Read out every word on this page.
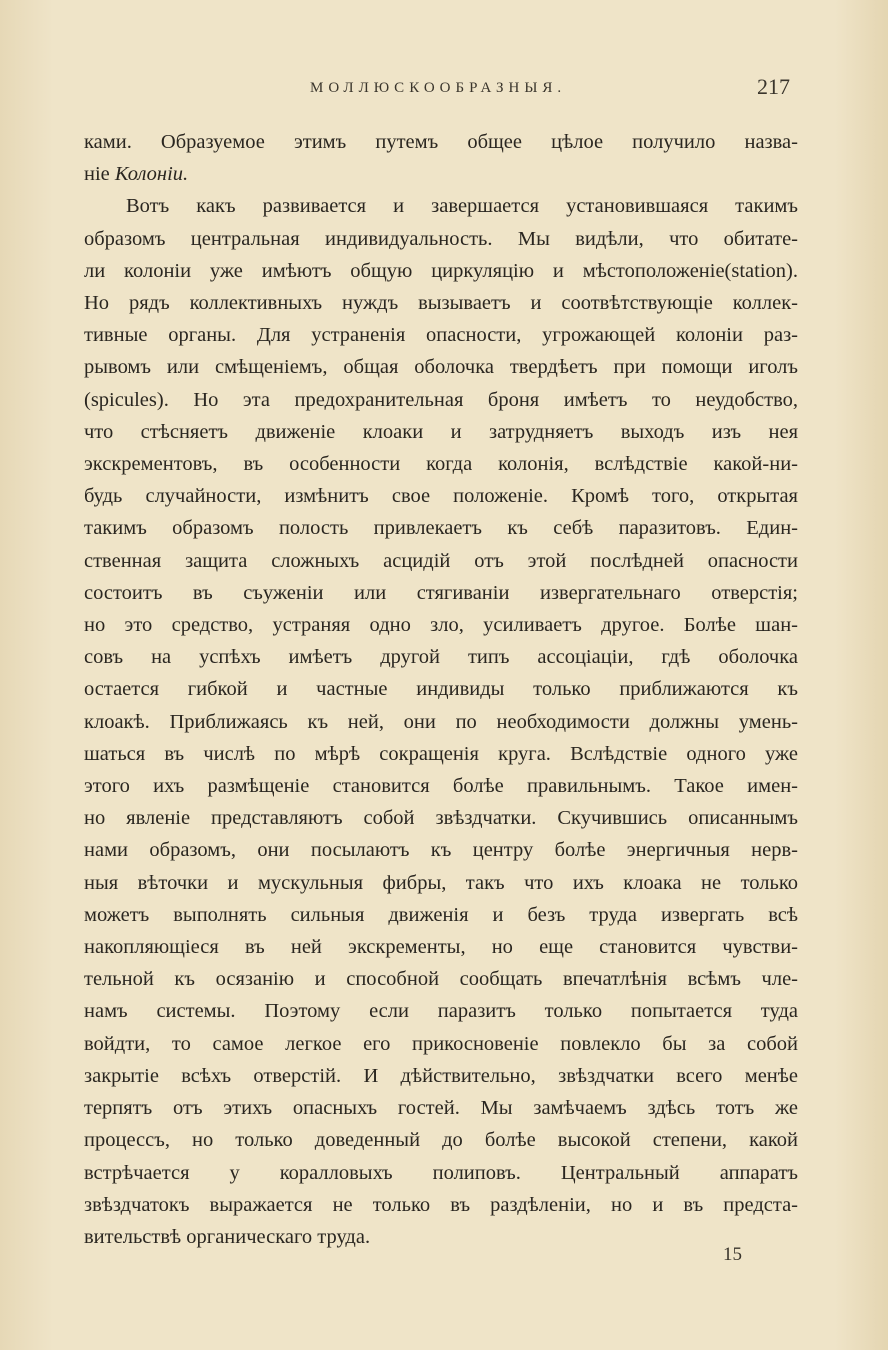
МОЛЛЮСКООБРАЗНЫЯ.	217

ками. Образуемое этимъ путемъ общее цѣлое получило назва-

ніе Колоніи.

Вотъ какъ развивается и завершается установившаяся такимъ

образомъ центральная индивидуальность. Мы видѣли, что обитате-

ли колоніи уже имѣютъ общую циркуляцію и мѣстоположеніе(station).

Но рядъ коллективныхъ нуждъ вызываетъ и соотвѣтствующіе коллек-

тивные органы. Для устраненія опасности, угрожающей колоніи раз-

рывомъ или смѣщеніемъ, общая оболочка твердѣетъ при помощи иголъ

(spicules). Но эта предохранительная броня имѣетъ то неудобство,

что стѣсняетъ движеніе клоаки и затрудняетъ выходъ изъ нея

экскрементовъ, въ особенности когда колонія, вслѣдствіе какой-ни-

будь случайности, измѣнитъ свое положеніе. Кромѣ того, открытая

такимъ образомъ полость привлекаетъ къ себѣ паразитовъ. Един-

ственная защита сложныхъ асцидій отъ этой послѣдней опасности

состоитъ въ съуженіи или стягиваніи извергательнаго отверстія;

но это средство, устраняя одно зло, усиливаетъ другое. Болѣе шан-

совъ на успѣхъ имѣетъ другой типъ ассоціаціи, гдѣ оболочка

остается гибкой и частные индивиды только приближаются къ

клоакѣ. Приближаясь къ ней, они по необходимости должны умень-

шаться въ числѣ по мѣрѣ сокращенія круга. Вслѣдствіе одного уже

этого ихъ размѣщеніе становится болѣе правильнымъ. Такое имен-

но явленіе представляютъ собой звѣздчатки. Скучившись описаннымъ

нами образомъ, они посылаютъ къ центру болѣе энергичныя нерв-

ныя вѣточки и мускульныя фибры, такъ что ихъ клоака не только

можетъ выполнять сильныя движенія и безъ труда извергать всѣ

накопляющіеся въ ней экскременты, но еще становится чувстви-

тельной къ осязанію и способной сообщать впечатлѣнія всѣмъ чле-

намъ системы. Поэтому если паразитъ только попытается туда

войдти, то самое легкое его прикосновеніе повлекло бы за собой

закрытіе всѣхъ отверстій. И дѣйствительно, звѣздчатки всего менѣе

терпятъ отъ этихъ опасныхъ гостей. Мы замѣчаемъ здѣсь тотъ же

процессъ, но только доведенный до болѣе высокой степени, какой

встрѣчается у коралловыхъ полиповъ. Центральный аппаратъ

звѣздчатокъ выражается не только въ раздѣленіи, но и въ предста-

вительствѣ органическаго труда.

15
